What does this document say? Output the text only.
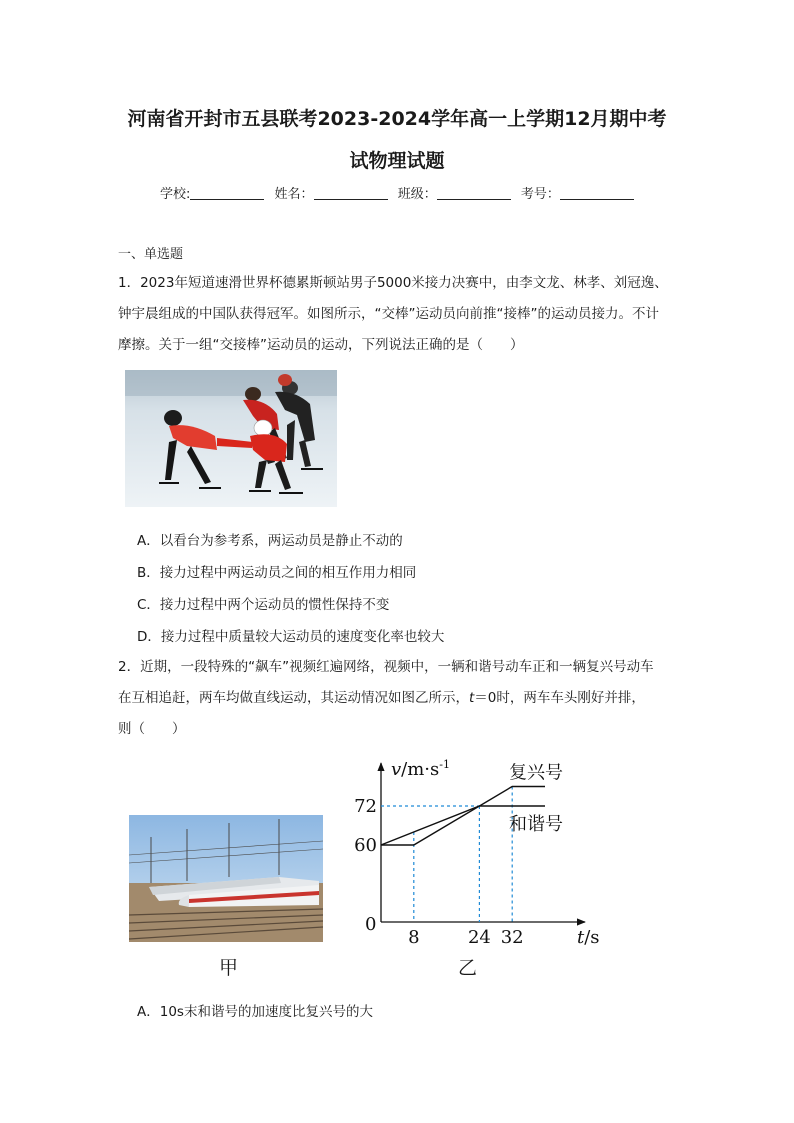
河南省开封市五县联考2023-2024学年高一上学期12月期中考
试物理试题
学校:	姓名：	班级：	考号：
一、单选题
1．2023年短道速滑世界杯德累斯顿站男子5000米接力决赛中，由李文龙、林孝、刘冠逸、
钟宇晨组成的中国队获得冠军。如图所示，“交棒”运动员向前推“接棒”的运动员接力。不计
摩擦。关于一组“交接棒”运动员的运动，下列说法正确的是（　　）
A．以看台为参考系，两运动员是静止不动的
B．接力过程中两运动员之间的相互作用力相同
C．接力过程中两个运动员的惯性保持不变
D．接力过程中质量较大运动员的速度变化率也较大
2．近期，一段特殊的“飙车”视频红遍网络，视频中，一辆和谐号动车正和一辆复兴号动车
在互相追赶，两车均做直线运动，其运动情况如图乙所示，t＝0时，两车车头刚好并排，
则（　　）
甲	乙
$v/m\cdot s^{-1}$
t/s
0
复兴号
和谐号
8	24 32
60
72
A．10s末和谐号的加速度比复兴号的大
